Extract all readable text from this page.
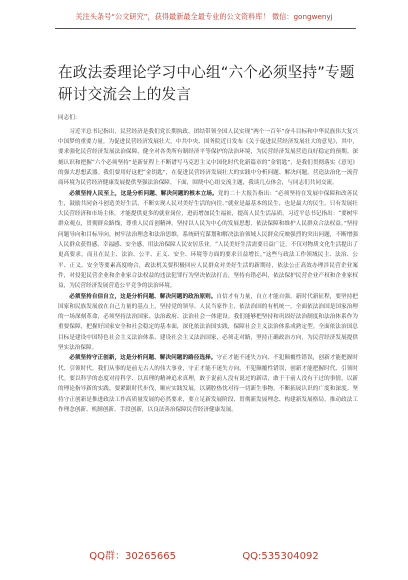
关注头条号“公文研究”，获得最新最全最专业的公文资料库！ 微信：gongwenyj
在政法委理论学习中心组“六个必须坚持”专题研讨交流会上的发言

同志们：

习近平总书记指出，民营经济是我们党长期执政、团结带领全国人民实现“两个一百年”奋斗目标和中华民族伟大复兴中国梦的重要力量。为促进民营经济发展壮大，中共中央、国务院近日发布《关于促进民营经济发展壮大的意见》，其中，要求强化民营经济发展法治保障，健全对各类所有制经济平等保护的法治环境，为民营经济发展营造良好稳定的预期。深刻认识和把握“六个必须坚持”是新征程上不断谱写马克思主义中国化时代化新篇章的“金钥匙”，是我们贯彻落实《意见》的强大思想武器。我们要用好这把“金钥匙”，在促进民营经济发展壮大的实践中分析问题、解决问题，营造法治化一流营商环境为民营经济健康发展提供坚强法治保障。下面，围绕中心组交流主题，我谈几点体会，与同志们共同交流。

必须坚持人民至上，这是分析问题、解决问题的根本立场。党的二十大报告指出：“必须坚持在发展中保障和改善民生，鼓励共同奋斗创造美好生活，不断实现人民对美好生活的向往。”就业是最基本的民生，也是最大的民生，只有发展壮大民营经济和市场主体，才能提供更多的就业岗位，进而增加民生福祉，提高人民生活品质。习近平总书记指出：“要树牢群众观点，贯彻群众路线，尊重人民首创精神，坚持以人民为中心的发展思想，依法保障和维护人民群众合法权益。”坚持问题导向和目标导向，树牢法治理念和法治思维，系统研究谋划和解决法治领域人民群众反映强烈的突出问题，不断增强人民群众获得感、幸福感、安全感。用法治保障人民安居乐业。“人民美好生活需要日益广泛，不仅对物质文化生活提出了更高要求，而且在民主、法治、公平、正义、安全、环境等方面的要求日益增长。”这些与政法工作领域民主、法治、公平、正义、安全等要素高度吻合，政法机关要积极回应人民群众对美好生活的新期待，依法公正高效办理涉民营企业案件，对侵犯民营企业和企业家合法权益的违法犯罪行为坚决依法打击，坚持有错必纠，依法保护民营企业产权和企业家权益，为民营经济发展营造公平竞争的法治环境。

必须坚持自信自立，这是分析问题、解决问题的政治原则。自信才有力量，自立才能自强。新时代新征程，要坚持把国家和民族发展放在自己力量的基点上，坚持党的领导、人民当家作主、依法治国的有机统一，全面依法治国是国家治理的一场深刻革命，必须坚持法治国家、法治政府、法治社会一体建设。我们能够把坚持和巩固好法治制度和法治体系作为重要保障，把握好国家安全和社会稳定的基本面，深化依法治国实践，保障社会主义法治体系成熟定型。全面依法治国总目标是建设中国特色社会主义法治体系、建设社会主义法治国家，必须走对路，坚持正确政治方向，为民营经济发展提供坚实法治保障。

必须坚持守正创新，这是分析问题、解决问题的路径选择。守正才能不迷失方向、不犯颠覆性错误，创新才能把握时代、引领时代。我们从事的是前无古人的伟大事业，守正才能不迷失方向、不犯颠覆性错误，创新才能把握时代、引领时代。要以科学的态度对待科学、以真理的精神追求真理，敢于说前人没有说过的新话，敢于干前人没有干过的事情，以新的理论指导新的实践。要紧跟时代步伐，顺应实践发展，以满腔热忱对待一切新生事物，不断拓展认识的广度和深度。坚持守正创新是推进政法工作高质量发展的必然要求，要立足新发展阶段、贯彻新发展理念、构建新发展格局，推动政法工作理念创新、机制创新、手段创新，以良法善治保障民营经济健康发展。

QQ群：30265665	QQ:535304092
